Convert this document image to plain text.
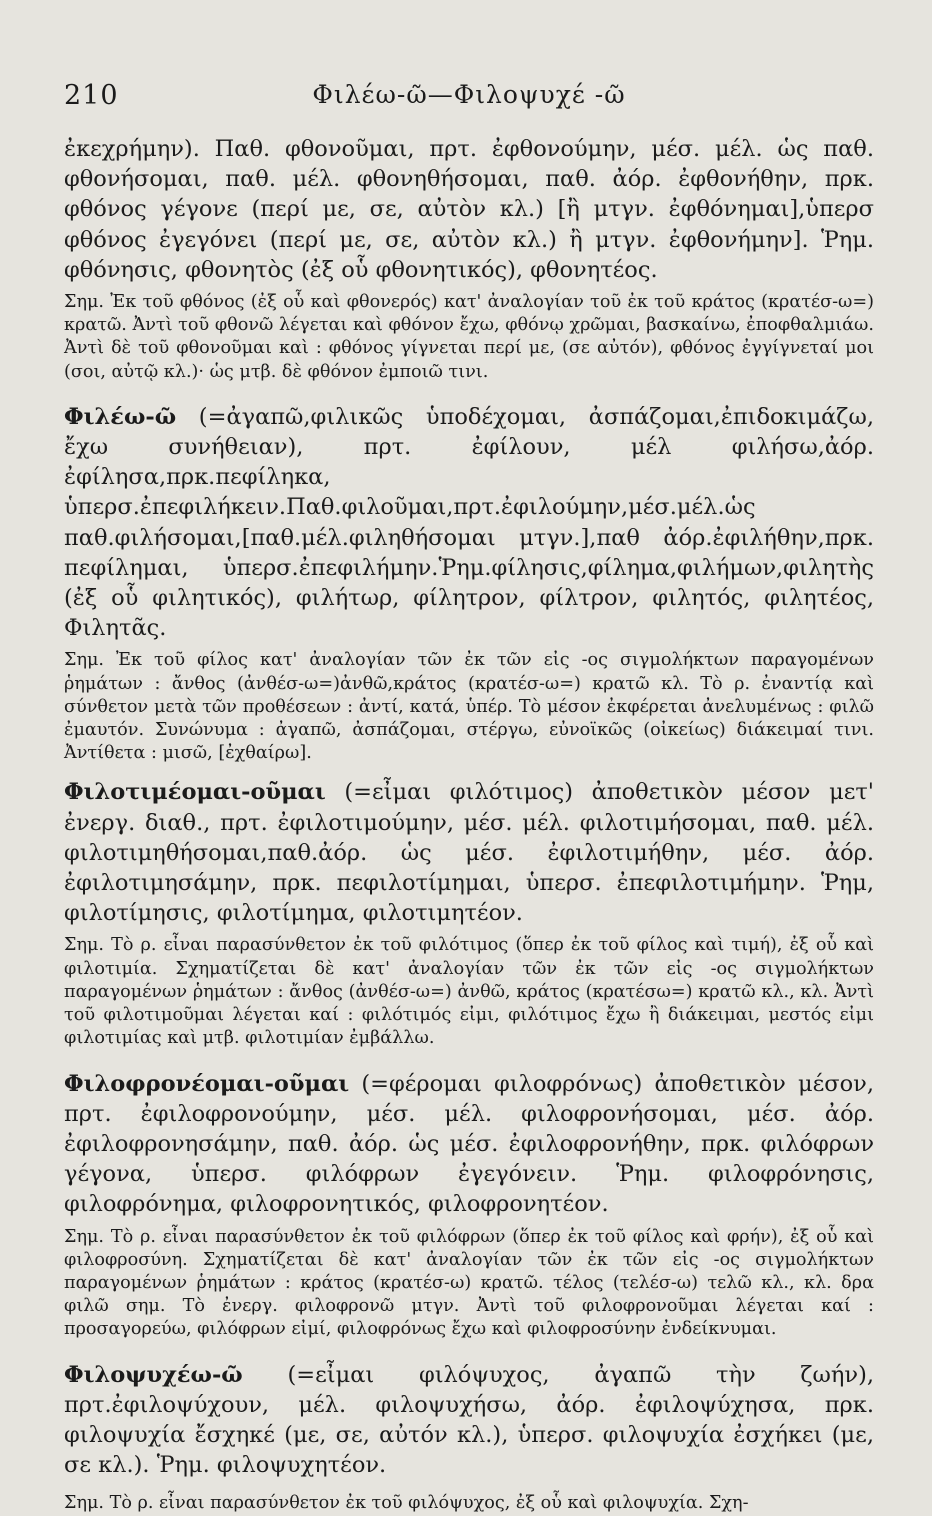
210	Φιλέω-ῶ—Φιλοψυχέ -ῶ

ἐκεχρήμην). Παθ. φθονοῦμαι, πρτ. ἐφθονούμην, μέσ. μέλ. ὡς παθ. φθονήσομαι, παθ. μέλ. φθονηθήσομαι, παθ. ἀόρ. ἐφθονήθην, πρκ. φθόνος γέγονε (περί με, σε, αὐτὸν κλ.) [ἢ μτγν. ἐφθόνημαι],ὑπερσ φθόνος ἐγεγόνει (περί με, σε, αὐτὸν κλ.) ἢ μτγν. ἐφθονήμην]. Ῥημ. φθόνησις, φθονητὸς (ἐξ οὗ φθονητικός), φθονητέος.

Σημ. Ἐκ τοῦ φθόνος (ἐξ οὗ καὶ φθονερός) κατ' ἀναλογίαν τοῦ ἐκ τοῦ κράτος (κρατέσ-ω=) κρατῶ. Ἀντὶ τοῦ φθονῶ λέγεται καὶ φθόνον ἔχω, φθόνῳ χρῶμαι, βασκαίνω, ἐποφθαλμιάω. Ἀντὶ δὲ τοῦ φθονοῦμαι καὶ : φθόνος γίγνεται περί με, (σε αὐτόν), φθόνος ἐγγίγνεταί μοι (σοι, αὐτῷ κλ.)· ὡς μτβ. δὲ φθόνον ἐμποιῶ τινι.

Φιλέω-ῶ (=ἀγαπῶ,φιλικῶς ὑποδέχομαι, ἀσπάζομαι,ἐπιδοκιμάζω, ἔχω συνήθειαν), πρτ. ἐφίλουν, μέλ φιλήσω,ἀόρ. ἐφίλησα,πρκ.πεφίληκα, ὑπερσ.ἐπεφιλήκειν.Παθ.φιλοῦμαι,πρτ.ἐφιλούμην,μέσ.μέλ.ὡς παθ.φιλήσομαι,[παθ.μέλ.φιληθήσομαι μτγν.],παθ ἀόρ.ἐφιλήθην,πρκ. πεφίλημαι, ὑπερσ.ἐπεφιλήμην.Ῥημ.φίλησις,φίλημα,φιλήμων,φιλητὴς (ἐξ οὗ φιλητικός), φιλήτωρ, φίλητρον, φίλτρον, φιλητός, φιλητέος, Φιλητᾶς.

Σημ. Ἐκ τοῦ φίλος κατ' ἀναλογίαν τῶν ἐκ τῶν εἰς -ος σιγμολήκτων παραγομένων ῥημάτων : ἄνθος (ἀνθέσ-ω=)ἀνθῶ,κράτος (κρατέσ-ω=) κρατῶ κλ. Τὸ ρ. ἐναντίᾳ καὶ σύνθετον μετὰ τῶν προθέσεων : ἀντί, κατά, ὑπέρ. Τὸ μέσον ἐκφέρεται ἀνελυμένως : φιλῶ ἐμαυτόν. Συνώνυμα : ἀγαπῶ, ἀσπάζομαι, στέργω, εὐνοϊκῶς (οἰκείως) διάκειμαί τινι. Ἀντίθετα : μισῶ, [ἐχθαίρω].

Φιλοτιμέομαι-οῦμαι (=εἶμαι φιλότιμος) ἀποθετικὸν μέσον μετ' ἐνεργ. διαθ., πρτ. ἐφιλοτιμούμην, μέσ. μέλ. φιλοτιμήσομαι, παθ. μέλ. φιλοτιμηθήσομαι,παθ.ἀόρ. ὡς μέσ. ἐφιλοτιμήθην, μέσ. ἀόρ. ἐφιλοτιμησάμην, πρκ. πεφιλοτίμημαι, ὑπερσ. ἐπεφιλοτιμήμην. Ῥημ, φιλοτίμησις, φιλοτίμημα, φιλοτιμητέον.

Σημ. Τὸ ρ. εἶναι παρασύνθετον ἐκ τοῦ φιλότιμος (ὅπερ ἐκ τοῦ φίλος καὶ τιμή), ἐξ οὗ καὶ φιλοτιμία. Σχηματίζεται δὲ κατ' ἀναλογίαν τῶν ἐκ τῶν εἰς -ος σιγμολήκτων παραγομένων ῥημάτων : ἄνθος (ἀνθέσ-ω=) ἀνθῶ, κράτος (κρατέσω=) κρατῶ κλ., κλ. Ἀντὶ τοῦ φιλοτιμοῦμαι λέγεται καί : φιλότιμός εἰμι, φιλότιμος ἔχω ἢ διάκειμαι, μεστός εἰμι φιλοτιμίας καὶ μτβ. φιλοτιμίαν ἐμβάλλω.

Φιλοφρονέομαι-οῦμαι (=φέρομαι φιλοφρόνως) ἀποθετικὸν μέσον, πρτ. ἐφιλοφρονούμην, μέσ. μέλ. φιλοφρονήσομαι, μέσ. ἀόρ. ἐφιλοφρονησάμην, παθ. ἀόρ. ὡς μέσ. ἐφιλοφρονήθην, πρκ. φιλόφρων γέγονα, ὑπερσ. φιλόφρων ἐγεγόνειν. Ῥημ. φιλοφρόνησις, φιλοφρόνημα, φιλοφρονητικός, φιλοφρονητέον.

Σημ. Τὸ ρ. εἶναι παρασύνθετον ἐκ τοῦ φιλόφρων (ὅπερ ἐκ τοῦ φίλος καὶ φρήν), ἐξ οὗ καὶ φιλοφροσύνη. Σχηματίζεται δὲ κατ' ἀναλογίαν τῶν ἐκ τῶν εἰς -ος σιγμολήκτων παραγομένων ῥημάτων : κράτος (κρατέσ-ω) κρατῶ. τέλος (τελέσ-ω) τελῶ κλ., κλ. δρα φιλῶ σημ. Τὸ ἐνεργ. φιλοφρονῶ μτγν. Ἀντὶ τοῦ φιλοφρονοῦμαι λέγεται καί : προσαγορεύω, φιλόφρων εἰμί, φιλοφρόνως ἔχω καὶ φιλοφροσύνην ἐνδείκνυμαι.

Φιλοψυχέω-ῶ (=εἶμαι φιλόψυχος, ἀγαπῶ τὴν ζωήν), πρτ.ἐφιλοψύχουν, μέλ. φιλοψυχήσω, ἀόρ. ἐφιλοψύχησα, πρκ. φιλοψυχία ἔσχηκέ (με, σε, αὐτόν κλ.), ὑπερσ. φιλοψυχία ἐσχήκει (με, σε κλ.). Ῥημ. φιλοψυχητέον.

Σημ. Τὸ ρ. εἶναι παρασύνθετον ἐκ τοῦ φιλόψυχος, ἐξ οὗ καὶ φιλοψυχία. Σχη-
